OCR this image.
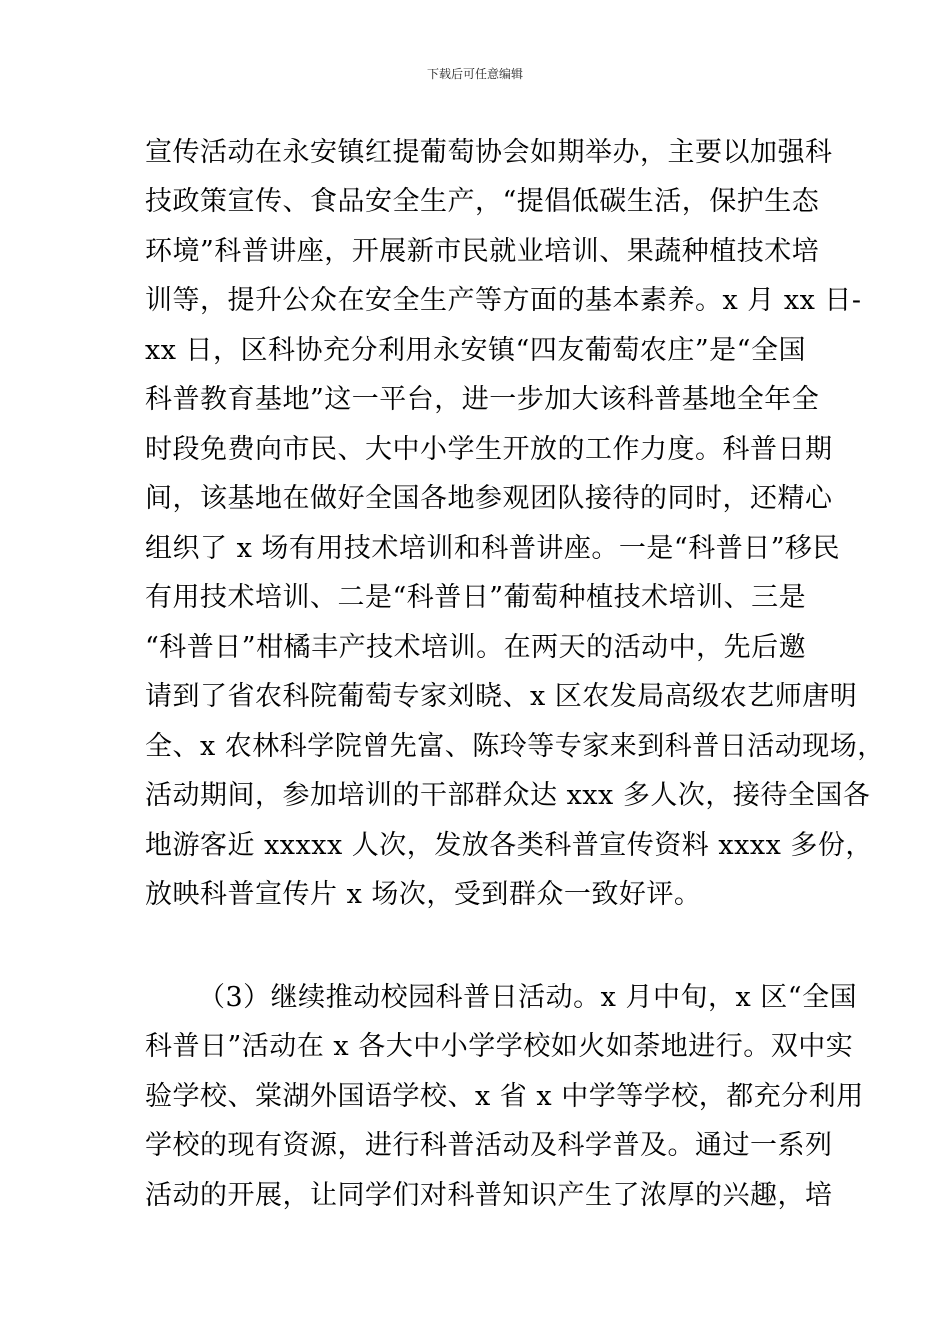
下载后可任意编辑
宣传活动在永安镇红提葡萄协会如期举办，主要以加强科
技政策宣传、食品安全生产，“提倡低碳生活，保护生态
环境”科普讲座，开展新市民就业培训、果蔬种植技术培
训等，提升公众在安全生产等方面的基本素养。x 月 xx 日-
xx 日，区科协充分利用永安镇“四友葡萄农庄”是“全国
科普教育基地”这一平台，进一步加大该科普基地全年全
时段免费向市民、大中小学生开放的工作力度。科普日期
间，该基地在做好全国各地参观团队接待的同时，还精心
组织了 x 场有用技术培训和科普讲座。一是“科普日”移民
有用技术培训、二是“科普日”葡萄种植技术培训、三是
“科普日”柑橘丰产技术培训。在两天的活动中，先后邀
请到了省农科院葡萄专家刘晓、x 区农发局高级农艺师唐明
全、x 农林科学院曾先富、陈玲等专家来到科普日活动现场，
活动期间，参加培训的干部群众达 xxx 多人次，接待全国各
地游客近 xxxxx 人次，发放各类科普宣传资料 xxxx 多份，
放映科普宣传片 x 场次，受到群众一致好评。
（3）继续推动校园科普日活动。x 月中旬，x 区“全国
科普日”活动在 x 各大中小学学校如火如荼地进行。双中实
验学校、棠湖外国语学校、x 省 x 中学等学校，都充分利用
学校的现有资源，进行科普活动及科学普及。通过一系列
活动的开展，让同学们对科普知识产生了浓厚的兴趣，培
